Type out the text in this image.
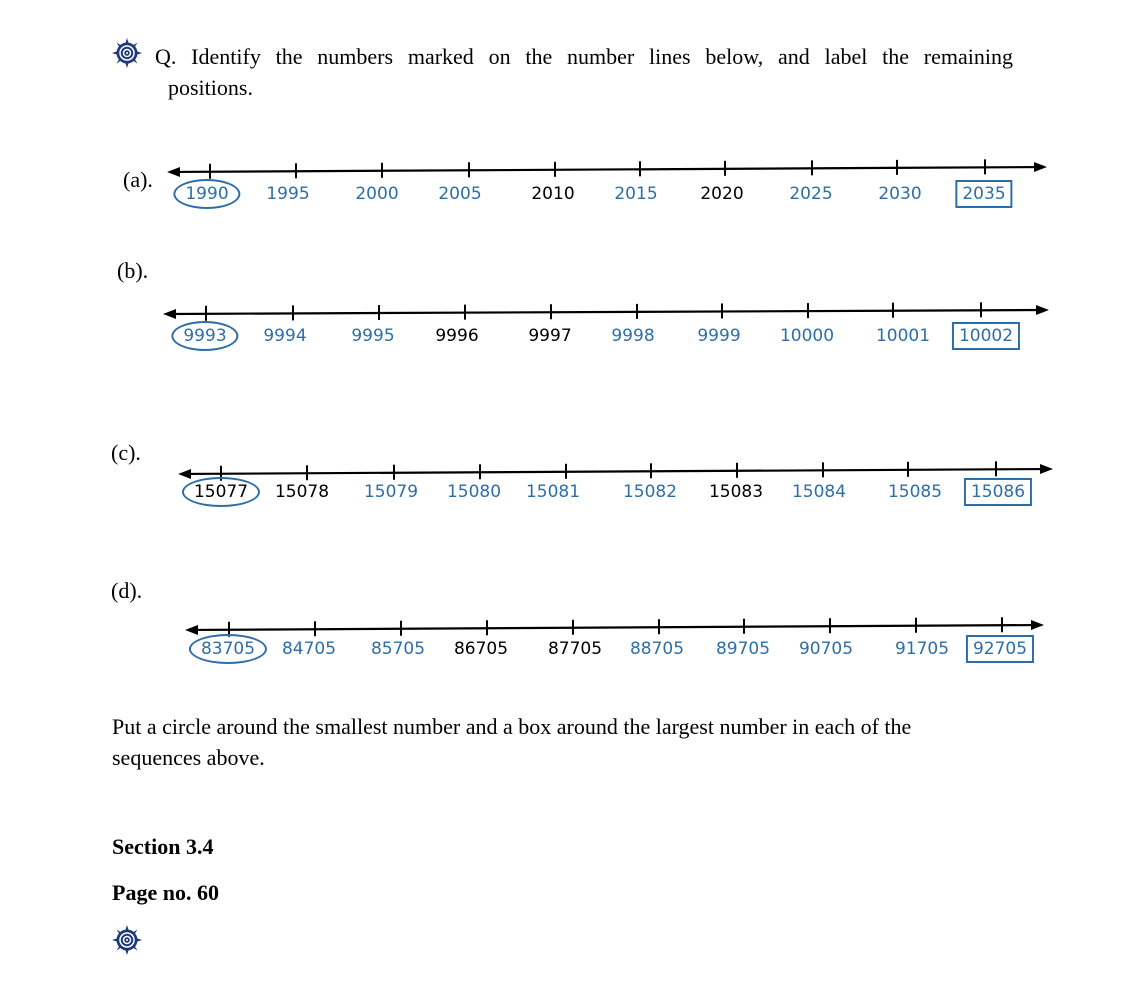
Q. Identify the numbers marked on the number lines below, and label the remaining
positions.
(a).
(b).
(c).
(d).
1990	1995	2000 2005	2010 2015	2020	2025	2030	2035
9993	9994	9995 9996	9997 9998	9999 10000 10001	10002
15077	15078 15079 15080 15081	15082 15083 15084 15085	15086
83705	84705 85705 86705 87705 88705 89705 90705 91705	92705
Put a circle around the smallest number and a box around the largest number in each of the
sequences above.
Section 3.4
Page no. 60
